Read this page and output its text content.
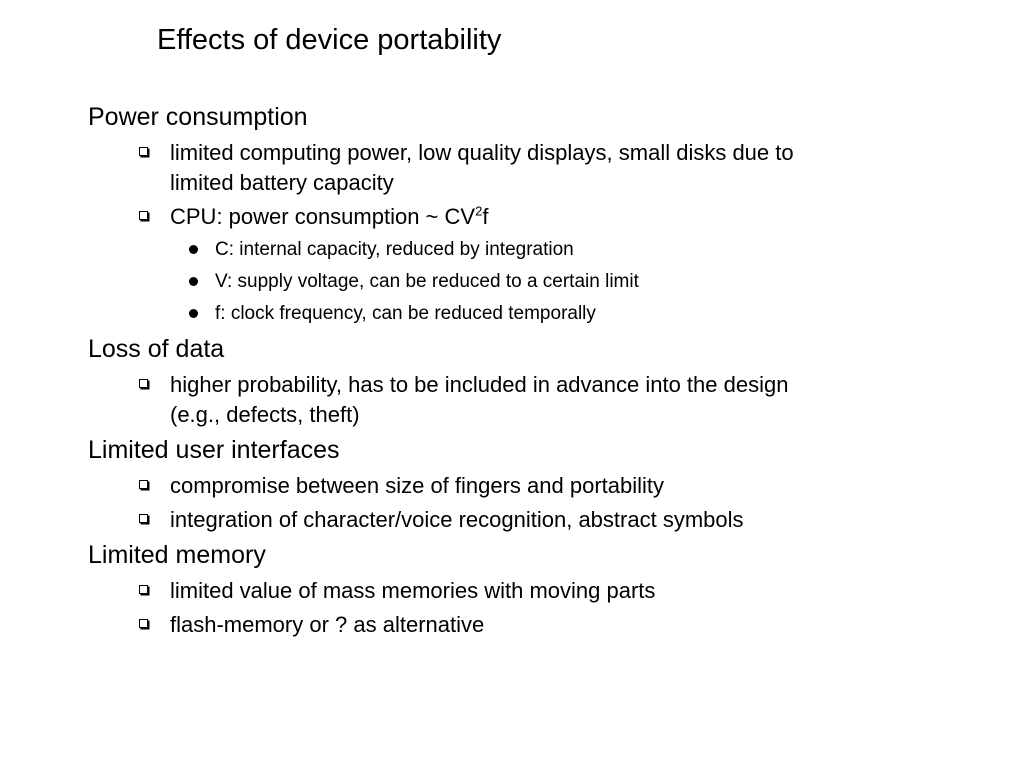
Effects of device portability
Power consumption
limited computing power, low quality displays, small disks due to
limited battery capacity
CPU: power consumption ~ $CV^2f$
C: internal capacity, reduced by integration
V: supply voltage, can be reduced to a certain limit
f: clock frequency, can be reduced temporally
Loss of data
higher probability, has to be included in advance into the design
(e.g., defects, theft)
Limited user interfaces
compromise between size of fingers and portability
integration of character/voice recognition, abstract symbols
Limited memory
limited value of mass memories with moving parts
flash-memory or ? as alternative
